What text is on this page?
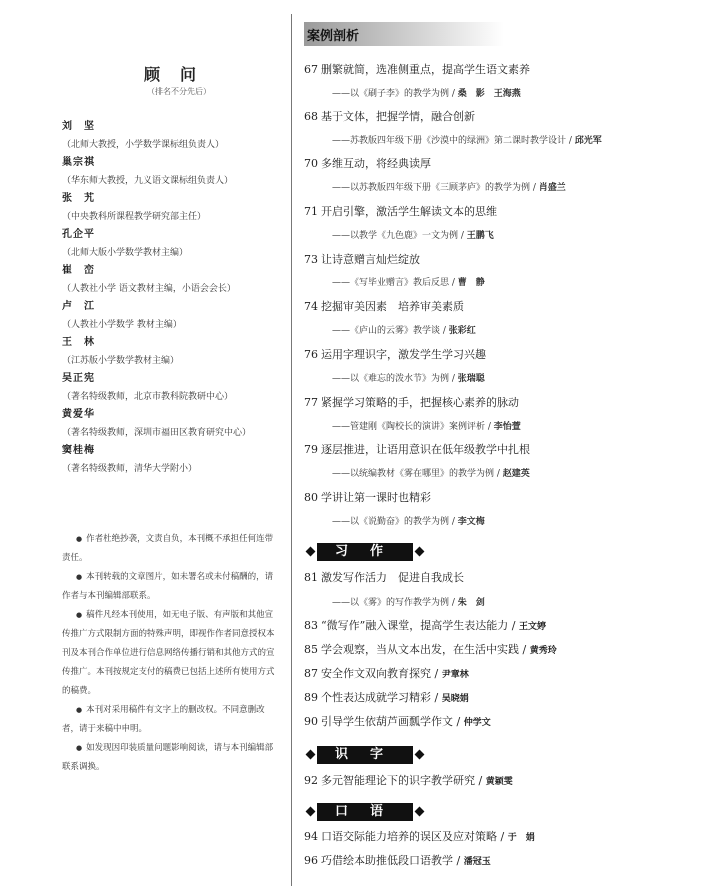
顾问
（排名不分先后）
刘　坚
（北师大教授，小学数学课标组负责人）
巢宗祺
（华东师大教授，九义语文课标组负责人）
张　艽
（中央教科所课程教学研究部主任）
孔企平
（北师大版小学数学教材主编）
崔　峦
（人教社小学 语文教材主编，小语会会长）
卢　江
（人教社小学数学 教材主编）
王　林
（江苏版小学数学教材主编）
吴正宪
（著名特级教师，北京市教科院教研中心）
黄爱华
（著名特级教师，深圳市福田区教育研究中心）
窦桂梅
（著名特级教师，清华大学附小）
● 作者杜绝抄袭，文责自负，本刊概不承担任何连带责任。
● 本刊转载的文章图片，如未署名或未付稿酬的，请作者与本刊编辑部联系。
● 稿件凡经本刊使用，如无电子版、有声版和其他宣传推广方式限制方面的特殊声明，即视作作者同意授权本刊及本刊合作单位进行信息网络传播行销和其他方式的宣传推广。本刊按规定支付的稿费已包括上述所有使用方式的稿费。
● 本刊对采用稿件有文字上的删改权。不同意删改者，请于来稿中申明。
● 如发现因印装质量问题影响阅读，请与本刊编辑部联系调换。
案例剖析
67 删繁就简，选准侧重点，提高学生语文素养
——以《刷子李》的教学为例 / 桑　影　王海燕
68 基于文体，把握学情，融合创新
——苏教版四年级下册《沙漠中的绿洲》第二课时教学设计 / 邱光军
70 多维互动，将经典读厚
——以苏教版四年级下册《三顾茅庐》的教学为例 / 肖盛兰
71 开启引擎，激活学生解读文本的思维
——以教学《九色鹿》一文为例 / 王鹏飞
73 让诗意赠言灿烂绽放
——《写毕业赠言》教后反思 / 曹　静
74 挖掘审美因素　培养审美素质
——《庐山的云雾》教学谈 / 张彩红
76 运用字理识字，激发学生学习兴趣
——以《难忘的泼水节》为例 / 张瑞聪
77 紧握学习策略的手，把握核心素养的脉动
——管建刚《陶校长的演讲》案例评析 / 李怡萱
79 逐层推进，让语用意识在低年级教学中扎根
——以统编教材《雾在哪里》的教学为例 / 赵建英
80 学讲让第一课时也精彩
——以《说勤奋》的教学为例 / 李文梅
习作
81 激发写作活力　促进自我成长
——以《雾》的写作教学为例 / 朱　剑
83 “微写作”融入课堂，提高学生表达能力 / 王文婷
85 学会观察，当从文本出发，在生活中实践 / 黄秀玲
87 安全作文双向教育探究 / 尹章林
89 个性表达成就学习精彩 / 吴晓娟
90 引导学生依葫芦画瓢学作文 / 仲学文
识字
92 多元智能理论下的识字教学研究 / 黄颖雯
口语
94 口语交际能力培养的误区及应对策略 / 于　娟
96 巧借绘本助推低段口语教学 / 潘冠玉
